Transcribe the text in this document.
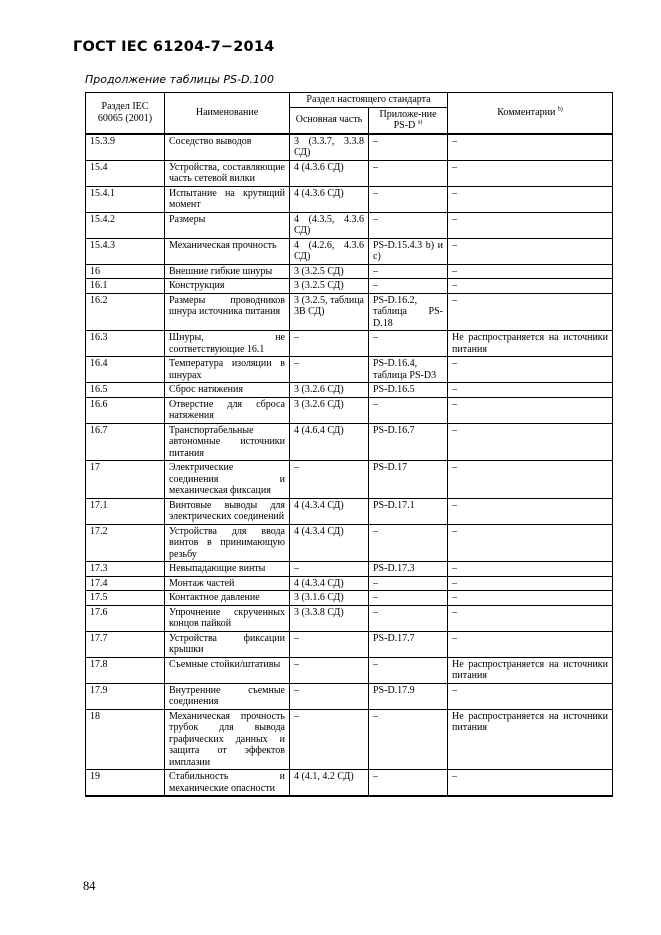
ГОСТ IEC 61204-7−2014
Продолжение таблицы PS-D.100
Раздел IEC 60065 (2001)	Наименование	Раздел настоящего стандарта		Комментарии $^{b)}$
		Основная часть	Приложе-ние PS-D $^{а)}$
15.3.9	Соседство выводов	3 (3.3.7, 3.3.8 СД)	–	–
15.4	Устройства, составляющие часть сетевой вилки	4 (4.3.6 СД)	–	–
15.4.1	Испытание на крутящий момент	4 (4.3.6 СД)	–	–
15.4.2	Размеры	4 (4.3.5, 4.3.6 СД)	–	–
15.4.3	Механическая прочность	4 (4.2.6, 4.3.6 СД)	PS-D.15.4.3 b) и c)	–
16	Внешние гибкие шнуры	3 (3.2.5 СД)	–	–
16.1	Конструкция	3 (3.2.5 СД)	–	–
16.2	Размеры проводников шнура источника питания	3 (3.2.5, таблица 3В СД)	PS-D.16.2, таблица PS-D.18	–
16.3	Шнуры, не соответствующие 16.1	–	–	Не распространяется на источники питания
16.4	Температура изоляции в шнурах	–	PS-D.16.4, таблица PS-D3	–
16.5	Сброс натяжения	3 (3.2.6 СД)	PS-D.16.5	–
16.6	Отверстие для сброса натяжения	3 (3.2.6 СД)	–	–
16.7	Транспортабельные автономные источники питания	4 (4.6.4 СД)	PS-D.16.7	–
17	Электрические соединения и механическая фиксация	–	PS-D.17	–
17.1	Винтовые выводы для электрических соединений	4 (4.3.4 СД)	PS-D.17.1	–
17.2	Устройства для ввода винтов в принимающую резьбу	4 (4.3.4 СД)	–	–
17.3	Невыпадающие винты	–	PS-D.17.3	–
17.4	Монтаж частей	4 (4.3.4 СД)	–	–
17.5	Контактное давление	3 (3.1.6 СД)	–	–
17.6	Упрочнение скрученных концов пайкой	3 (3.3.8 СД)	–	–
17.7	Устройства фиксации крышки	–	PS-D.17.7	–
17.8	Съемные стойки/штативы	–	–	Не распространяется на источники питания
17.9	Внутренние съемные соединения	–	PS-D.17.9	–
18	Механическая прочность трубок для вывода графических данных и защита от эффектов имплазии	–	–	Не распространяется на источники питания
19	Стабильность и механические опасности	4 (4.1, 4.2 СД)	–	–
84
